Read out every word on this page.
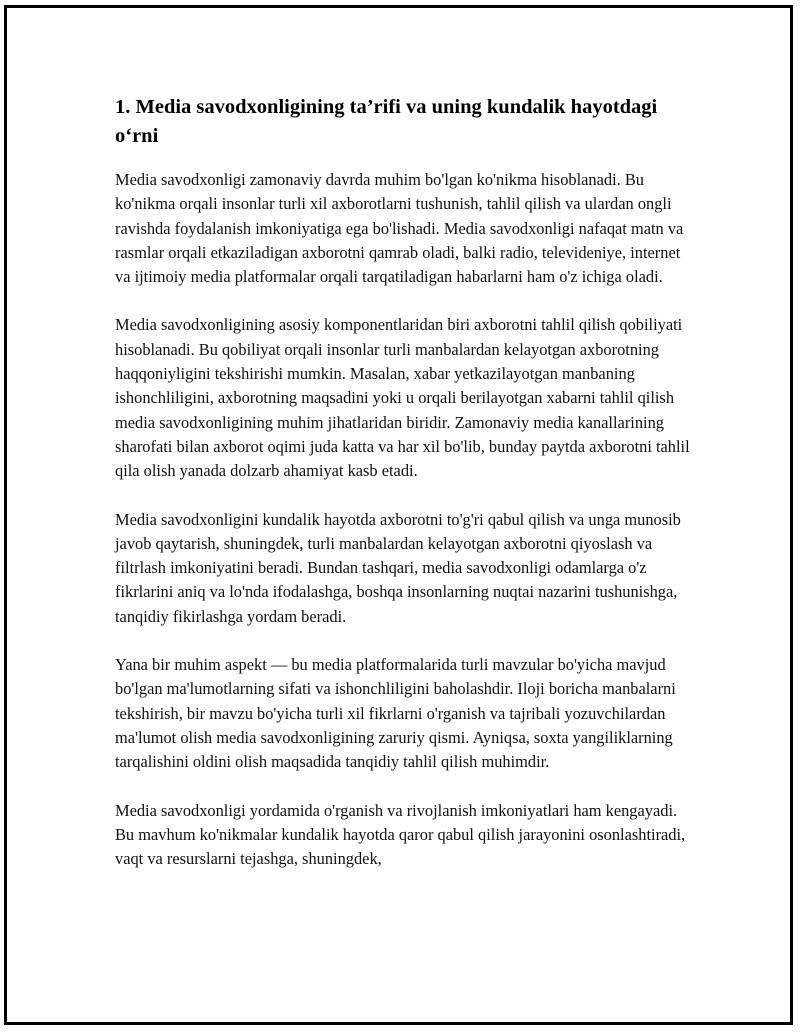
1. Media savodxonligining ta’rifi va uning kundalik hayotdagi o‘rni

Media savodxonligi zamonaviy davrda muhim bo'lgan ko'nikma hisoblanadi. Bu ko'nikma orqali insonlar turli xil axborotlarni tushunish, tahlil qilish va ulardan ongli ravishda foydalanish imkoniyatiga ega bo'lishadi. Media savodxonligi nafaqat matn va rasmlar orqali etkaziladigan axborotni qamrab oladi, balki radio, televideniye, internet va ijtimoiy media platformalar orqali tarqatiladigan habarlarni ham o'z ichiga oladi.

Media savodxonligining asosiy komponentlaridan biri axborotni tahlil qilish qobiliyati hisoblanadi. Bu qobiliyat orqali insonlar turli manbalardan kelayotgan axborotning haqqoniyligini tekshirishi mumkin. Masalan, xabar yetkazilayotgan manbaning ishonchliligini, axborotning maqsadini yoki u orqali berilayotgan xabarni tahlil qilish media savodxonligining muhim jihatlaridan biridir. Zamonaviy media kanallarining sharofati bilan axborot oqimi juda katta va har xil bo'lib, bunday paytda axborotni tahlil qila olish yanada dolzarb ahamiyat kasb etadi.

Media savodxonligini kundalik hayotda axborotni to'g'ri qabul qilish va unga munosib javob qaytarish, shuningdek, turli manbalardan kelayotgan axborotni qiyoslash va filtrlash imkoniyatini beradi. Bundan tashqari, media savodxonligi odamlarga o'z fikrlarini aniq va lo'nda ifodalashga, boshqa insonlarning nuqtai nazarini tushunishga, tanqidiy fikirlashga yordam beradi.

Yana bir muhim aspekt — bu media platformalarida turli mavzular bo'yicha mavjud bo'lgan ma'lumotlarning sifati va ishonchliligini baholashdir. Iloji boricha manbalarni tekshirish, bir mavzu bo'yicha turli xil fikrlarni o'rganish va tajribali yozuvchilardan ma'lumot olish media savodxonligining zaruriy qismi. Ayniqsa, soxta yangiliklarning tarqalishini oldini olish maqsadida tanqidiy tahlil qilish muhimdir.

Media savodxonligi yordamida o'rganish va rivojlanish imkoniyatlari ham kengayadi. Bu mavhum ko'nikmalar kundalik hayotda qaror qabul qilish jarayonini osonlashtiradi, vaqt va resurslarni tejashga, shuningdek,
